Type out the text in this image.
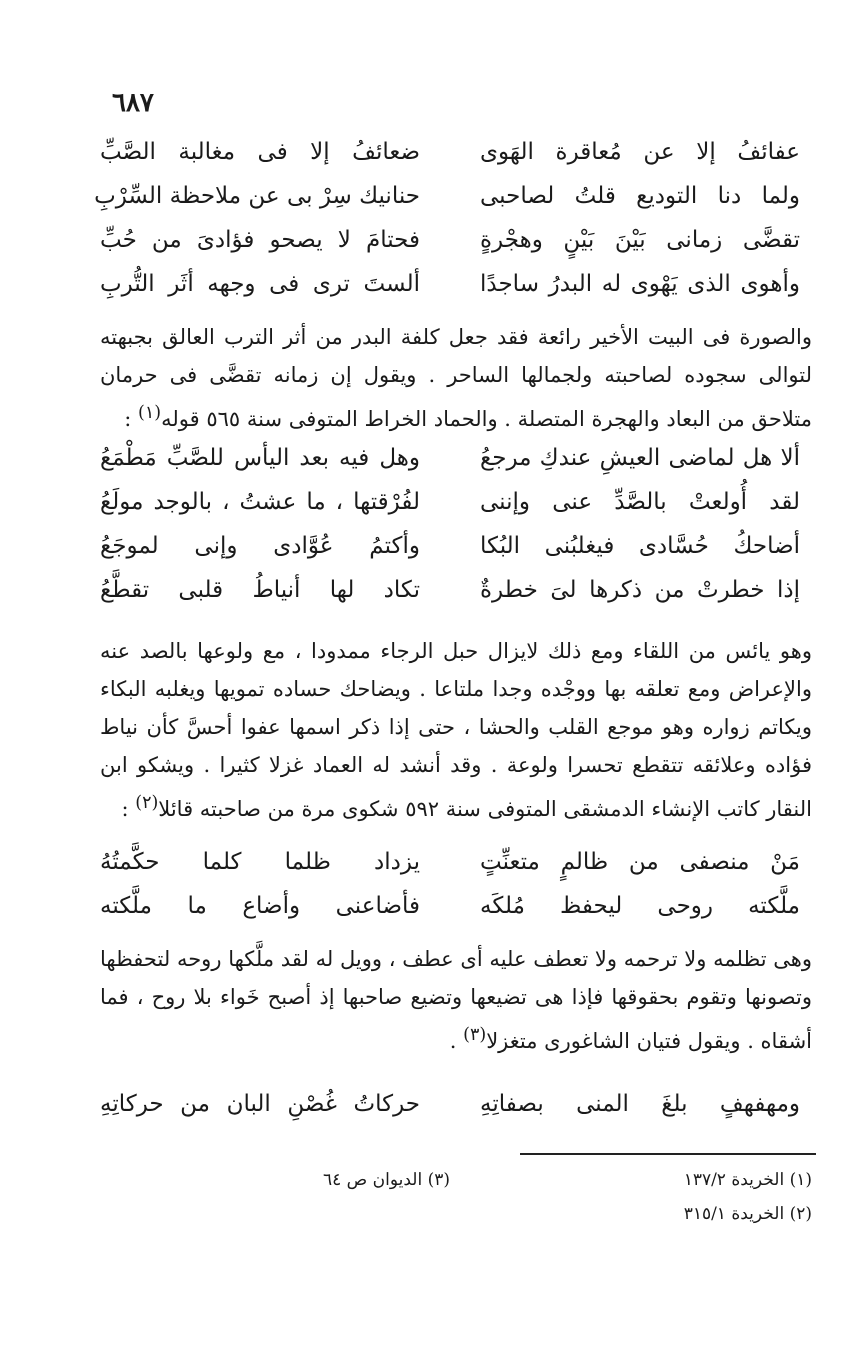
٦٨٧
عفائفُ إلا عن مُعاقرة الهَوى
ضعائفُ إلا فى مغالبة الصَّبِّ
ولما دنا التوديع قلتُ لصاحبى
حنانيك سِرْ بى عن ملاحظة السِّرْبِ
تقضَّى زمانى بَيْنَ بَيْنٍ وهجْرةٍ
فحتامَ لا يصحو فؤادىَ من حُبِّ
وأهوى الذى يَهْوى له البدرُ ساجدًا
ألستَ ترى فى وجهه أثَر التُّربِ

والصورة فى البيت الأخير رائعة فقد جعل كلفة البدر من أثر الترب العالق بجبهته لتوالى سجوده لصاحبته ولجمالها الساحر . ويقول إن زمانه تقضَّى فى حرمان متلاحق من البعاد والهجرة المتصلة . والحماد الخراط المتوفى سنة ٥٦٥ قوله$^{(١)}$ :

ألا هل لماضى العيشِ عندكِ مرجعُ
وهل فيه بعد اليأس للصَّبِّ مَطْمَعُ
لقد أُولعتْ بالصَّدِّ عنى وإننى
لفُرْقتها ، ما عشتُ ، بالوجد مولَعُ
أضاحكُ حُسَّادى فيغلبُنى البُكا
وأكتمُ عُوَّادى وإنى لموجَعُ
إذا خطرتْ من ذكرها لىَ خطرةٌ
تكاد لها أنياطُ قلبى تقطَّعُ

وهو يائس من اللقاء ومع ذلك لايزال حبل الرجاء ممدودا ، مع ولوعها بالصد عنه والإعراض ومع تعلقه بها ووجْده وجدا ملتاعا . ويضاحك حساده تمويها ويغلبه البكاء ويكاتم زواره وهو موجع القلب والحشا ، حتى إذا ذكر اسمها عفوا أحسَّ كأن نياط فؤاده وعلائقه تتقطع تحسرا ولوعة . وقد أنشد له العماد غزلا كثيرا . ويشكو ابن النقار كاتب الإنشاء الدمشقى المتوفى سنة ٥٩٢ شكوى مرة من صاحبته قائلا$^{(٢)}$ :

مَنْ منصفى من ظالمٍ متعنِّتٍ
يزداد ظلما كلما حكَّمتُهُ
ملَّكته روحى ليحفظ مُلكَه
فأضاعنى وأضاع ما ملَّكته

وهى تظلمه ولا ترحمه ولا تعطف عليه أى عطف ، وويل له لقد ملَّكها روحه لتحفظها وتصونها وتقوم بحقوقها فإذا هى تضيعها وتضيع صاحبها إذ أصبح خَواء بلا روح ، فما أشقاه . ويقول فتيان الشاغورى متغزلا$^{(٣)}$ .

ومهفهفٍ بلغَ المنى بصفاتِهِ
حركاتُ غُصْنِ البان من حركاتِهِ
(١) الخريدة ١٣٧/٢
(٢) الخريدة ٣١٥/١
(٣) الديوان ص ٦٤
